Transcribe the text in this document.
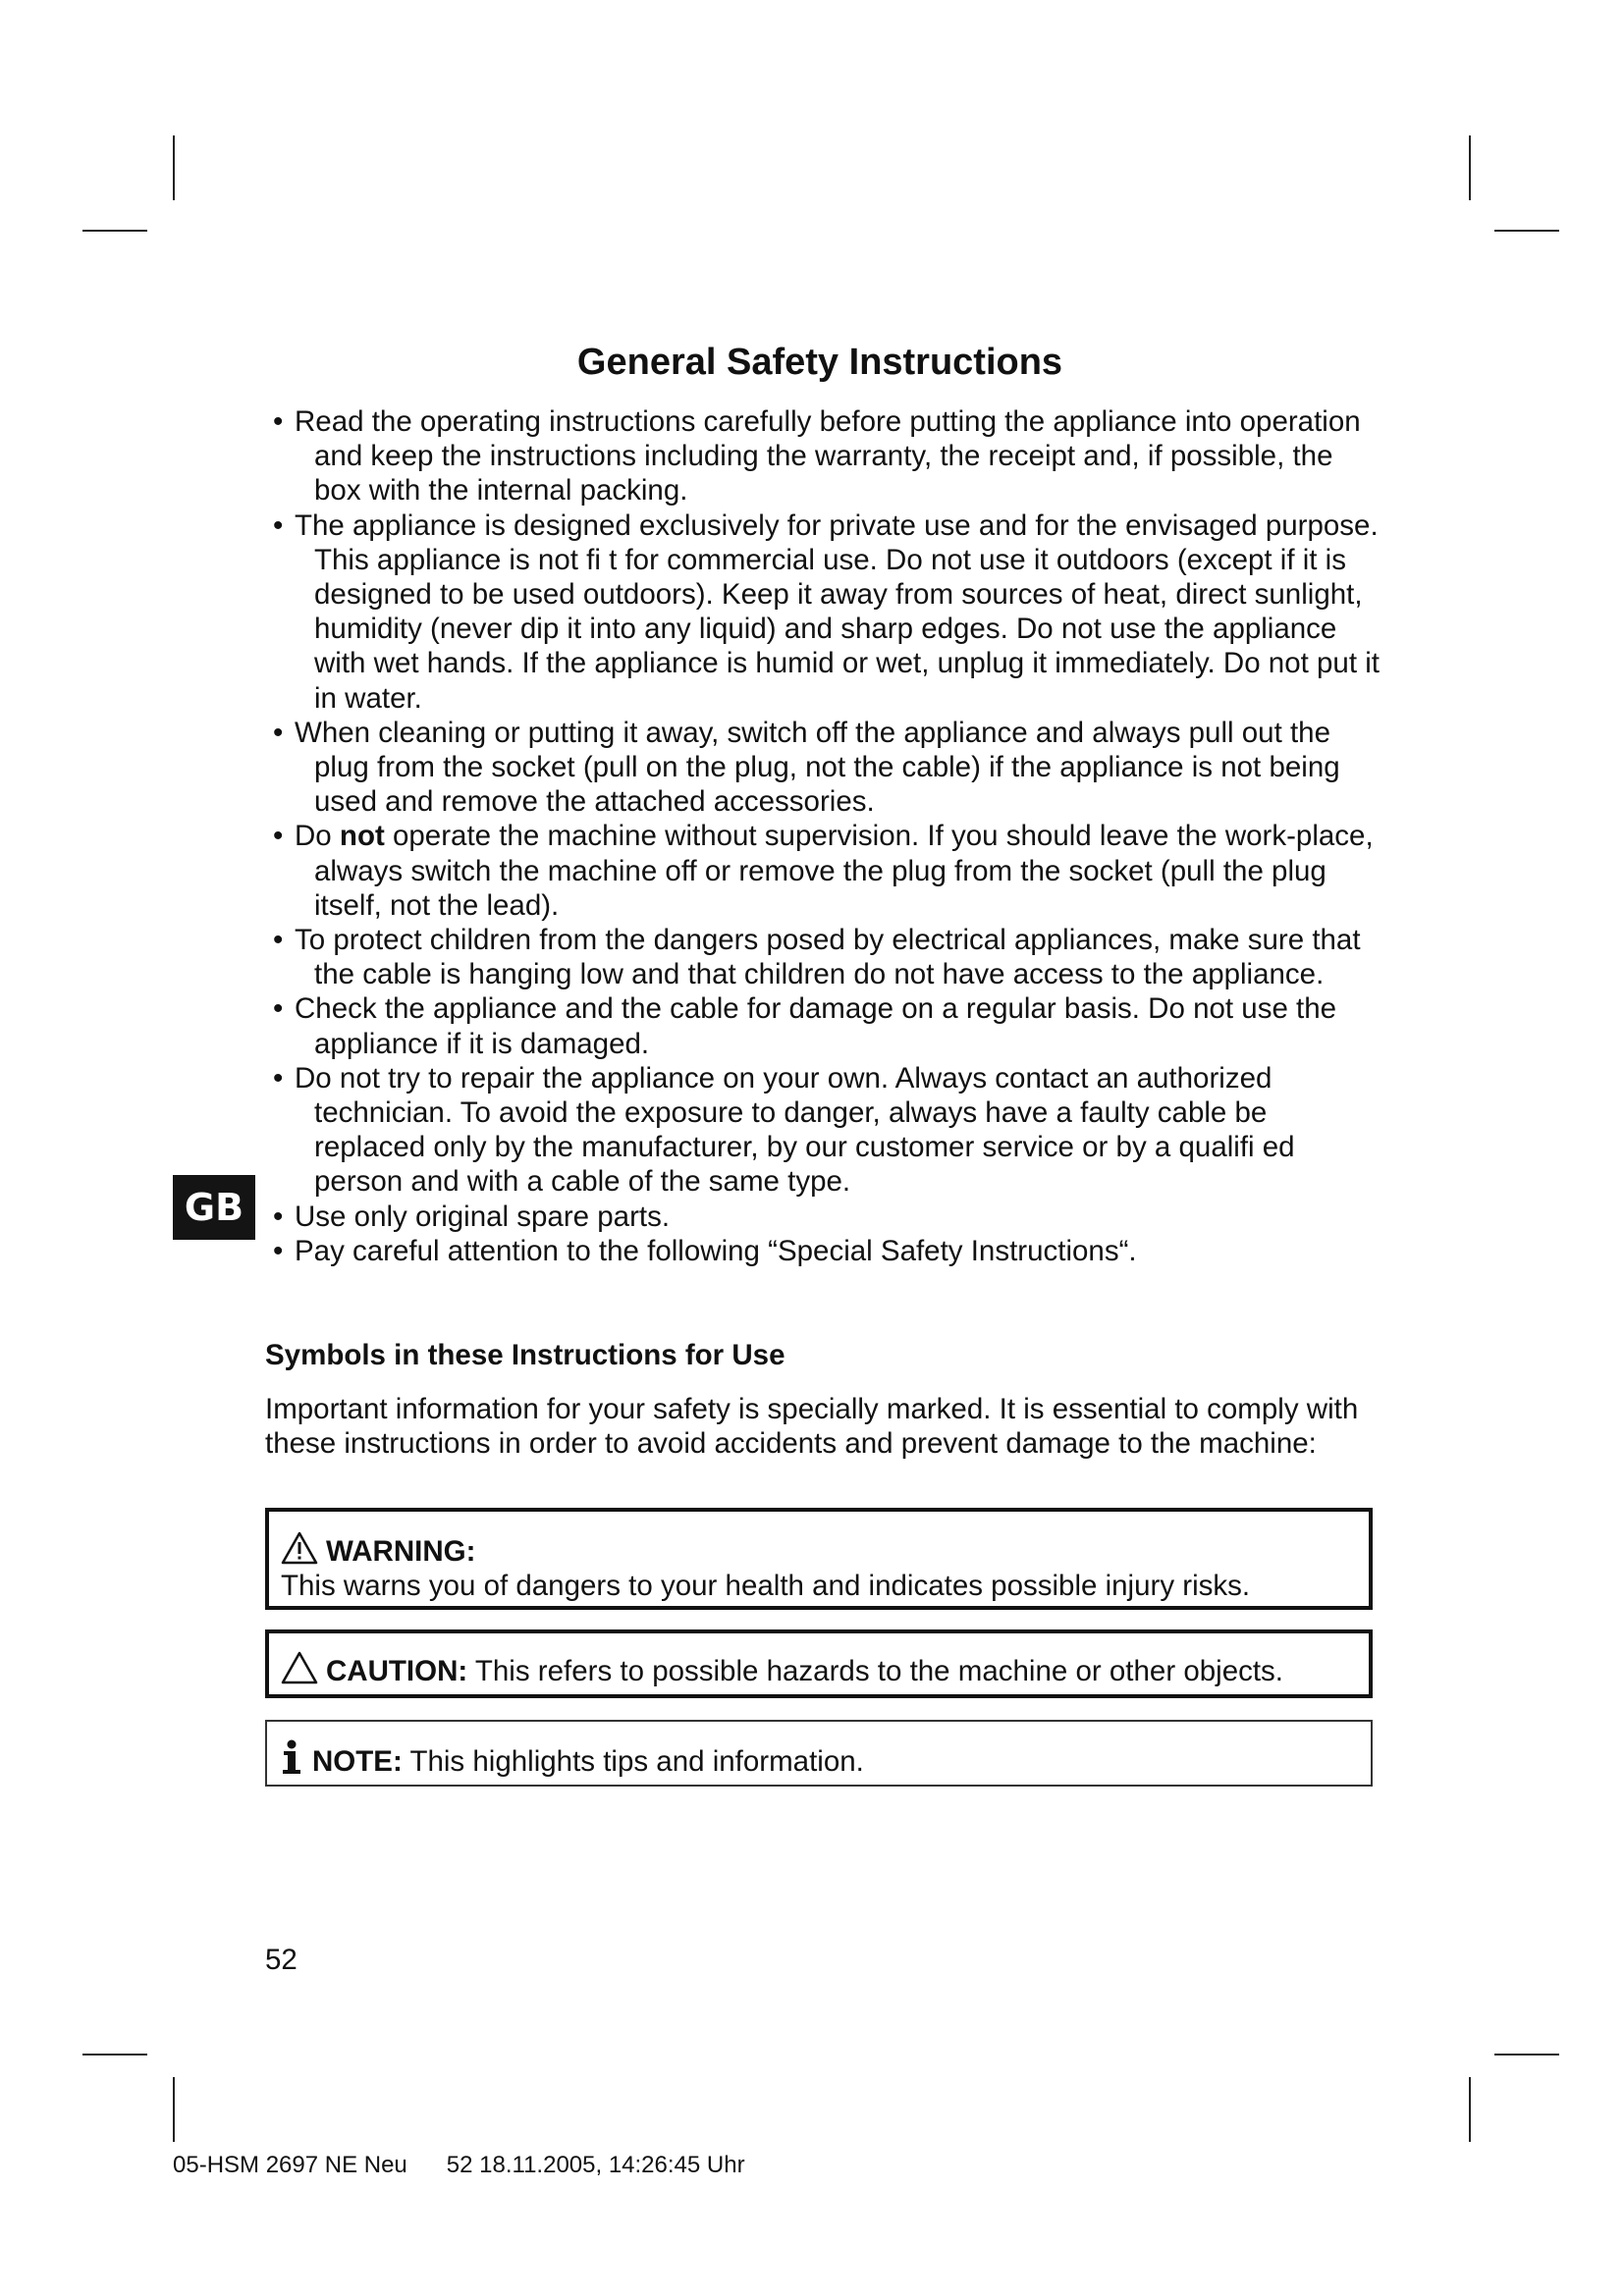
General Safety Instructions
• Read the operating instructions carefully before putting the appliance into operation and keep the instructions including the warranty, the receipt and, if possible, the box with the internal packing.
• The appliance is designed exclusively for private use and for the envisaged purpose. This appliance is not fi t for commercial use. Do not use it outdoors (except if it is designed to be used outdoors). Keep it away from sources of heat, direct sunlight, humidity (never dip it into any liquid) and sharp edges. Do not use the appliance with wet hands. If the appliance is humid or wet, unplug it immediately. Do not put it in water.
• When cleaning or putting it away, switch off the appliance and always pull out the plug from the socket (pull on the plug, not the cable) if the appliance is not being used and remove the attached accessories.
• Do not operate the machine without supervision. If you should leave the work-place, always switch the machine off or remove the plug from the socket (pull the plug itself, not the lead).
• To protect children from the dangers posed by electrical appliances, make sure that the cable is hanging low and that children do not have access to the appliance.
• Check the appliance and the cable for damage on a regular basis. Do not use the appliance if it is damaged.
• Do not try to repair the appliance on your own. Always contact an authorized technician. To avoid the exposure to danger, always have a faulty cable be replaced only by the manufacturer, by our customer service or by a qualifi ed person and with a cable of the same type.
• Use only original spare parts.
• Pay careful attention to the following “Special Safety Instructions“.
GB
Symbols in these Instructions for Use

Important information for your safety is specially marked. It is essential to comply with these instructions in order to avoid accidents and prevent damage to the machine:

WARNING:
This warns you of dangers to your health and indicates possible injury risks.
CAUTION: This refers to possible hazards to the machine or other objects.
NOTE: This highlights tips and information.
52
05-HSM 2697 NE Neu 52 18.11.2005, 14:26:45 Uhr
